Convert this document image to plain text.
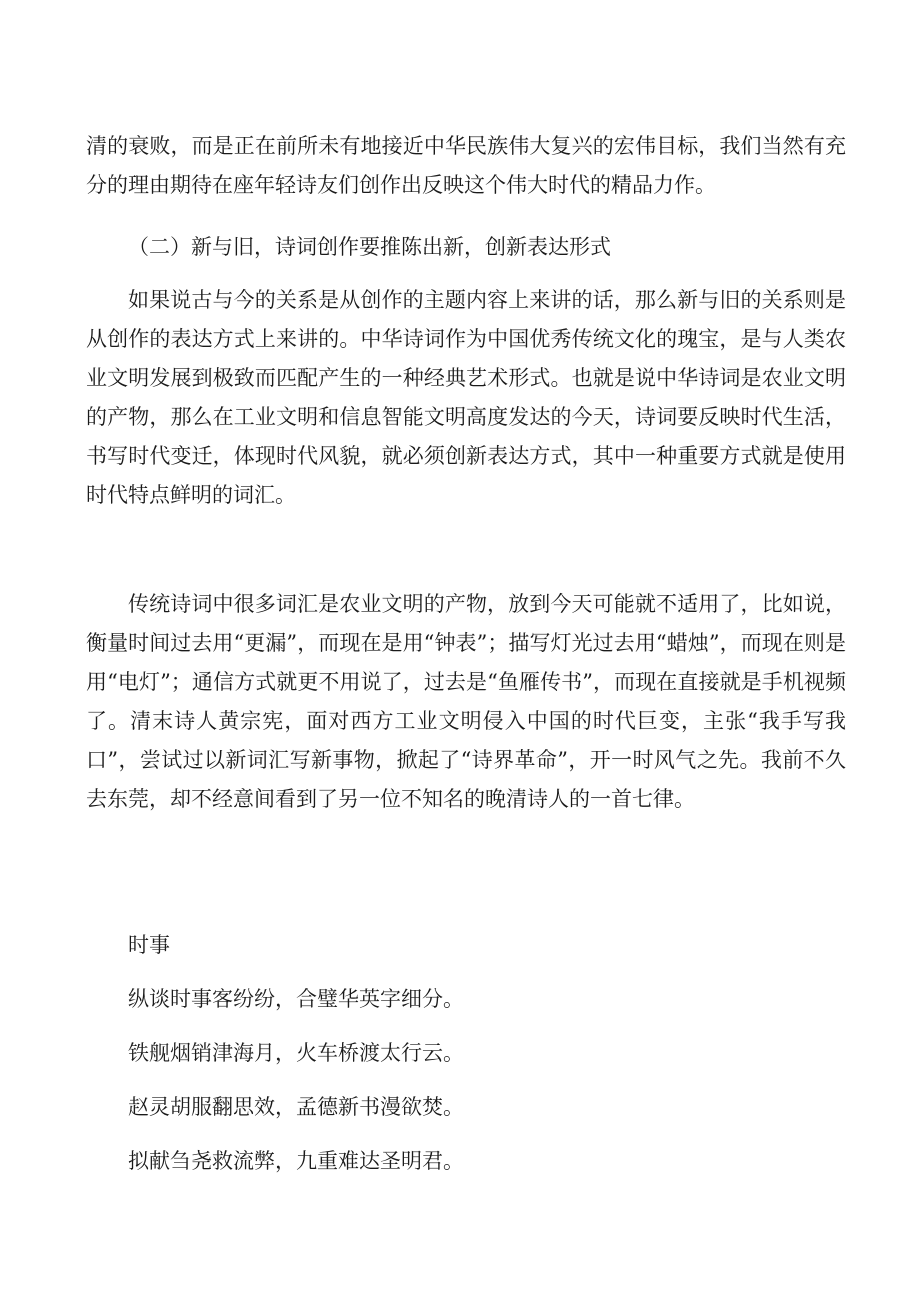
清的衰败，而是正在前所未有地接近中华民族伟大复兴的宏伟目标，我们当然有充分的理由期待在座年轻诗友们创作出反映这个伟大时代的精品力作。

（二）新与旧，诗词创作要推陈出新，创新表达形式

如果说古与今的关系是从创作的主题内容上来讲的话，那么新与旧的关系则是从创作的表达方式上来讲的。中华诗词作为中国优秀传统文化的瑰宝，是与人类农业文明发展到极致而匹配产生的一种经典艺术形式。也就是说中华诗词是农业文明的产物，那么在工业文明和信息智能文明高度发达的今天，诗词要反映时代生活，书写时代变迁，体现时代风貌，就必须创新表达方式，其中一种重要方式就是使用时代特点鲜明的词汇。

传统诗词中很多词汇是农业文明的产物，放到今天可能就不适用了，比如说，衡量时间过去用“更漏”，而现在是用“钟表”；描写灯光过去用“蜡烛”，而现在则是用“电灯”；通信方式就更不用说了，过去是“鱼雁传书”，而现在直接就是手机视频了。清末诗人黄宗宪，面对西方工业文明侵入中国的时代巨变，主张“我手写我口”，尝试过以新词汇写新事物，掀起了“诗界革命”，开一时风气之先。我前不久去东莞，却不经意间看到了另一位不知名的晚清诗人的一首七律。

时事

纵谈时事客纷纷，合璧华英字细分。

铁舰烟销津海月，火车桥渡太行云。

赵灵胡服翻思效，孟德新书漫欲焚。

拟献刍尧救流弊，九重难达圣明君。
